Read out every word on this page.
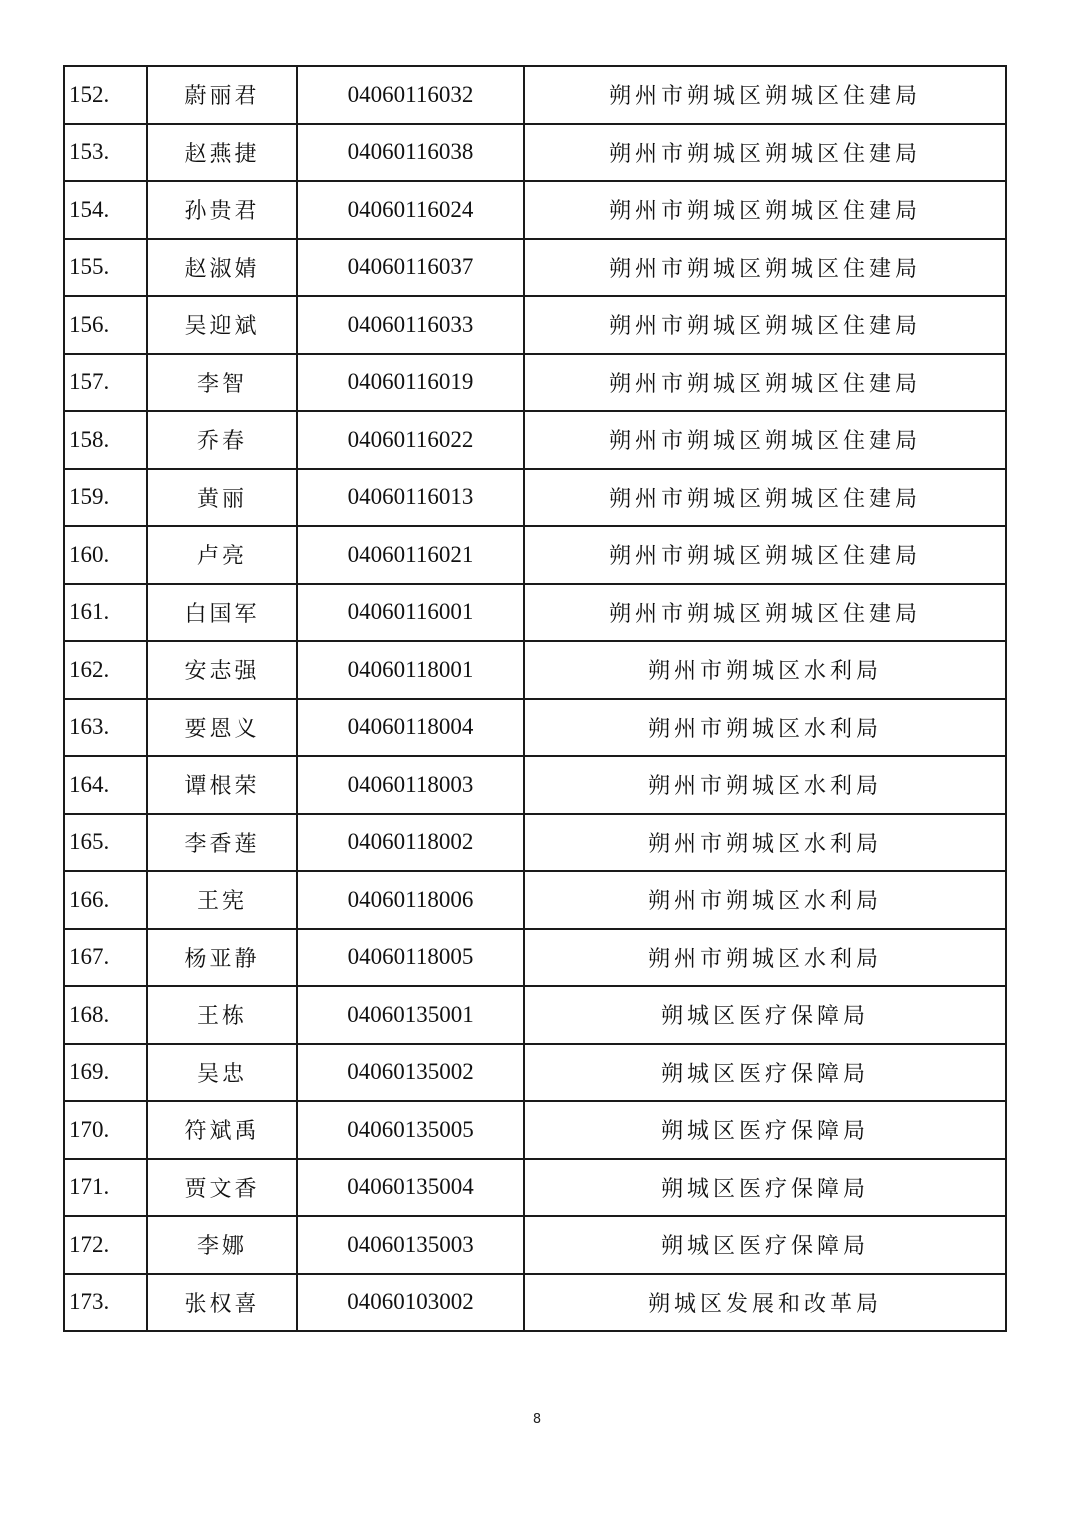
152.	蔚丽君	04060116032	朔州市朔城区朔城区住建局
153.	赵燕捷	04060116038	朔州市朔城区朔城区住建局
154.	孙贵君	04060116024	朔州市朔城区朔城区住建局
155.	赵淑婧	04060116037	朔州市朔城区朔城区住建局
156.	吴迎斌	04060116033	朔州市朔城区朔城区住建局
157.	李智	04060116019	朔州市朔城区朔城区住建局
158.	乔春	04060116022	朔州市朔城区朔城区住建局
159.	黄丽	04060116013	朔州市朔城区朔城区住建局
160.	卢亮	04060116021	朔州市朔城区朔城区住建局
161.	白国军	04060116001	朔州市朔城区朔城区住建局
162.	安志强	04060118001	朔州市朔城区水利局
163.	要恩义	04060118004	朔州市朔城区水利局
164.	谭根荣	04060118003	朔州市朔城区水利局
165.	李香莲	04060118002	朔州市朔城区水利局
166.	王宪	04060118006	朔州市朔城区水利局
167.	杨亚静	04060118005	朔州市朔城区水利局
168.	王栋	04060135001	朔城区医疗保障局
169.	吴忠	04060135002	朔城区医疗保障局
170.	符斌禹	04060135005	朔城区医疗保障局
171.	贾文香	04060135004	朔城区医疗保障局
172.	李娜	04060135003	朔城区医疗保障局
173.	张权喜	04060103002	朔城区发展和改革局
8
